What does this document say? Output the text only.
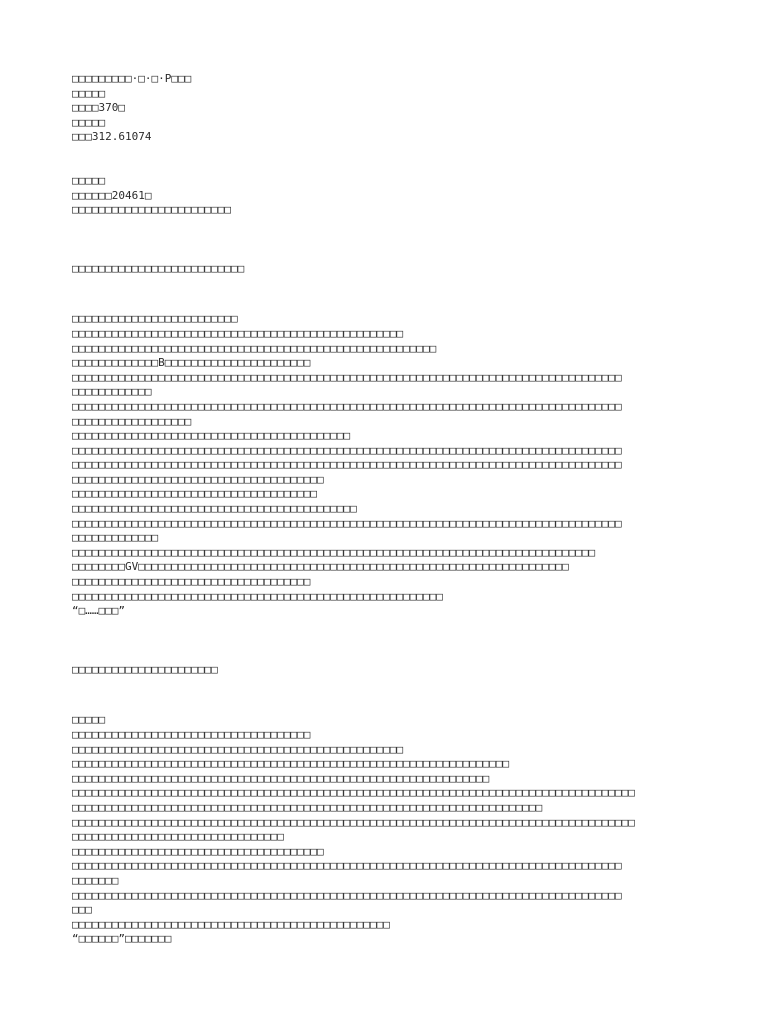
□□□□□□□□□·□·□·P□□□
□□□□□
□□□□370□
□□□□□
□□□312.61074
□□□□□
□□□□□□20461□
□□□□□□□□□□□□□□□□□□□□□□□□
□□□□□□□□□□□□□□□□□□□□□□□□□□
□□□□□□□□□□□□□□□□□□□□□□□□□
□□□□□□□□□□□□□□□□□□□□□□□□□□□□□□□□□□□□□□□□□□□□□□□□□□
□□□□□□□□□□□□□□□□□□□□□□□□□□□□□□□□□□□□□□□□□□□□□□□□□□□□□□□
□□□□□□□□□□□□□B□□□□□□□□□□□□□□□□□□□□□□
□□□□□□□□□□□□□□□□□□□□□□□□□□□□□□□□□□□□□□□□□□□□□□□□□□□□□□□□□□□□□□□□□□□□□□□□□□□□□□□□□□□
□□□□□□□□□□□□
□□□□□□□□□□□□□□□□□□□□□□□□□□□□□□□□□□□□□□□□□□□□□□□□□□□□□□□□□□□□□□□□□□□□□□□□□□□□□□□□□□□
□□□□□□□□□□□□□□□□□□
□□□□□□□□□□□□□□□□□□□□□□□□□□□□□□□□□□□□□□□□□□
□□□□□□□□□□□□□□□□□□□□□□□□□□□□□□□□□□□□□□□□□□□□□□□□□□□□□□□□□□□□□□□□□□□□□□□□□□□□□□□□□□□
□□□□□□□□□□□□□□□□□□□□□□□□□□□□□□□□□□□□□□□□□□□□□□□□□□□□□□□□□□□□□□□□□□□□□□□□□□□□□□□□□□□
□□□□□□□□□□□□□□□□□□□□□□□□□□□□□□□□□□□□□□
□□□□□□□□□□□□□□□□□□□□□□□□□□□□□□□□□□□□□
□□□□□□□□□□□□□□□□□□□□□□□□□□□□□□□□□□□□□□□□□□□
□□□□□□□□□□□□□□□□□□□□□□□□□□□□□□□□□□□□□□□□□□□□□□□□□□□□□□□□□□□□□□□□□□□□□□□□□□□□□□□□□□□
□□□□□□□□□□□□□
□□□□□□□□□□□□□□□□□□□□□□□□□□□□□□□□□□□□□□□□□□□□□□□□□□□□□□□□□□□□□□□□□□□□□□□□□□□□□□□
□□□□□□□□GV□□□□□□□□□□□□□□□□□□□□□□□□□□□□□□□□□□□□□□□□□□□□□□□□□□□□□□□□□□□□□□□□□
□□□□□□□□□□□□□□□□□□□□□□□□□□□□□□□□□□□□
□□□□□□□□□□□□□□□□□□□□□□□□□□□□□□□□□□□□□□□□□□□□□□□□□□□□□□□□
“□……□□□”
□□□□□□□□□□□□□□□□□□□□□□
□□□□□
□□□□□□□□□□□□□□□□□□□□□□□□□□□□□□□□□□□□
□□□□□□□□□□□□□□□□□□□□□□□□□□□□□□□□□□□□□□□□□□□□□□□□□□
□□□□□□□□□□□□□□□□□□□□□□□□□□□□□□□□□□□□□□□□□□□□□□□□□□□□□□□□□□□□□□□□□□
□□□□□□□□□□□□□□□□□□□□□□□□□□□□□□□□□□□□□□□□□□□□□□□□□□□□□□□□□□□□□□□
□□□□□□□□□□□□□□□□□□□□□□□□□□□□□□□□□□□□□□□□□□□□□□□□□□□□□□□□□□□□□□□□□□□□□□□□□□□□□□□□□□□□□
□□□□□□□□□□□□□□□□□□□□□□□□□□□□□□□□□□□□□□□□□□□□□□□□□□□□□□□□□□□□□□□□□□□□□□□
□□□□□□□□□□□□□□□□□□□□□□□□□□□□□□□□□□□□□□□□□□□□□□□□□□□□□□□□□□□□□□□□□□□□□□□□□□□□□□□□□□□□□
□□□□□□□□□□□□□□□□□□□□□□□□□□□□□□□□
□□□□□□□□□□□□□□□□□□□□□□□□□□□□□□□□□□□□□□
□□□□□□□□□□□□□□□□□□□□□□□□□□□□□□□□□□□□□□□□□□□□□□□□□□□□□□□□□□□□□□□□□□□□□□□□□□□□□□□□□□□
□□□□□□□
□□□□□□□□□□□□□□□□□□□□□□□□□□□□□□□□□□□□□□□□□□□□□□□□□□□□□□□□□□□□□□□□□□□□□□□□□□□□□□□□□□□
□□□
□□□□□□□□□□□□□□□□□□□□□□□□□□□□□□□□□□□□□□□□□□□□□□□□
“□□□□□□”□□□□□□□
